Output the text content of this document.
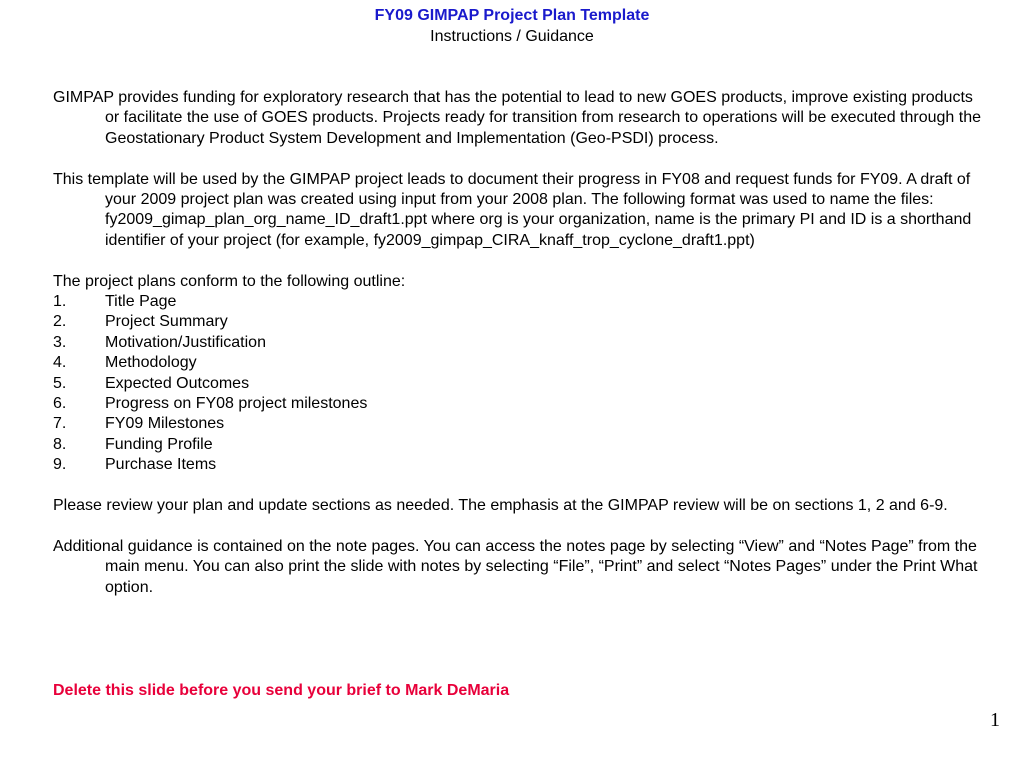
FY09 GIMPAP Project Plan Template
Instructions / Guidance

GIMPAP provides funding for exploratory research that has the potential to lead to new GOES products, improve existing products or facilitate the use of GOES products. Projects ready for transition from research to operations will be executed through the Geostationary Product System Development and Implementation (Geo-PSDI) process.

This template will be used by the GIMPAP project leads to document their progress in FY08 and request funds for FY09. A draft of your 2009 project plan was created using input from your 2008 plan. The following format was used to name the files: fy2009_gimap_plan_org_name_ID_draft1.ppt where org is your organization, name is the primary PI and ID is a shorthand identifier of your project (for example, fy2009_gimpap_CIRA_knaff_trop_cyclone_draft1.ppt)

The project plans conform to the following outline:

1.	Title Page
2.	Project Summary
3.	Motivation/Justification
4.	Methodology
5.	Expected Outcomes
6.	Progress on FY08 project milestones
7.	FY09 Milestones
8.	Funding Profile
9.	Purchase Items

Please review your plan and update sections as needed. The emphasis at the GIMPAP review will be on sections 1, 2 and 6-9.

Additional guidance is contained on the note pages. You can access the notes page by selecting “View” and “Notes Page” from the main menu. You can also print the slide with notes by selecting “File”, “Print” and select “Notes Pages” under the Print What option.

Delete this slide before you send your brief to Mark DeMaria
1
